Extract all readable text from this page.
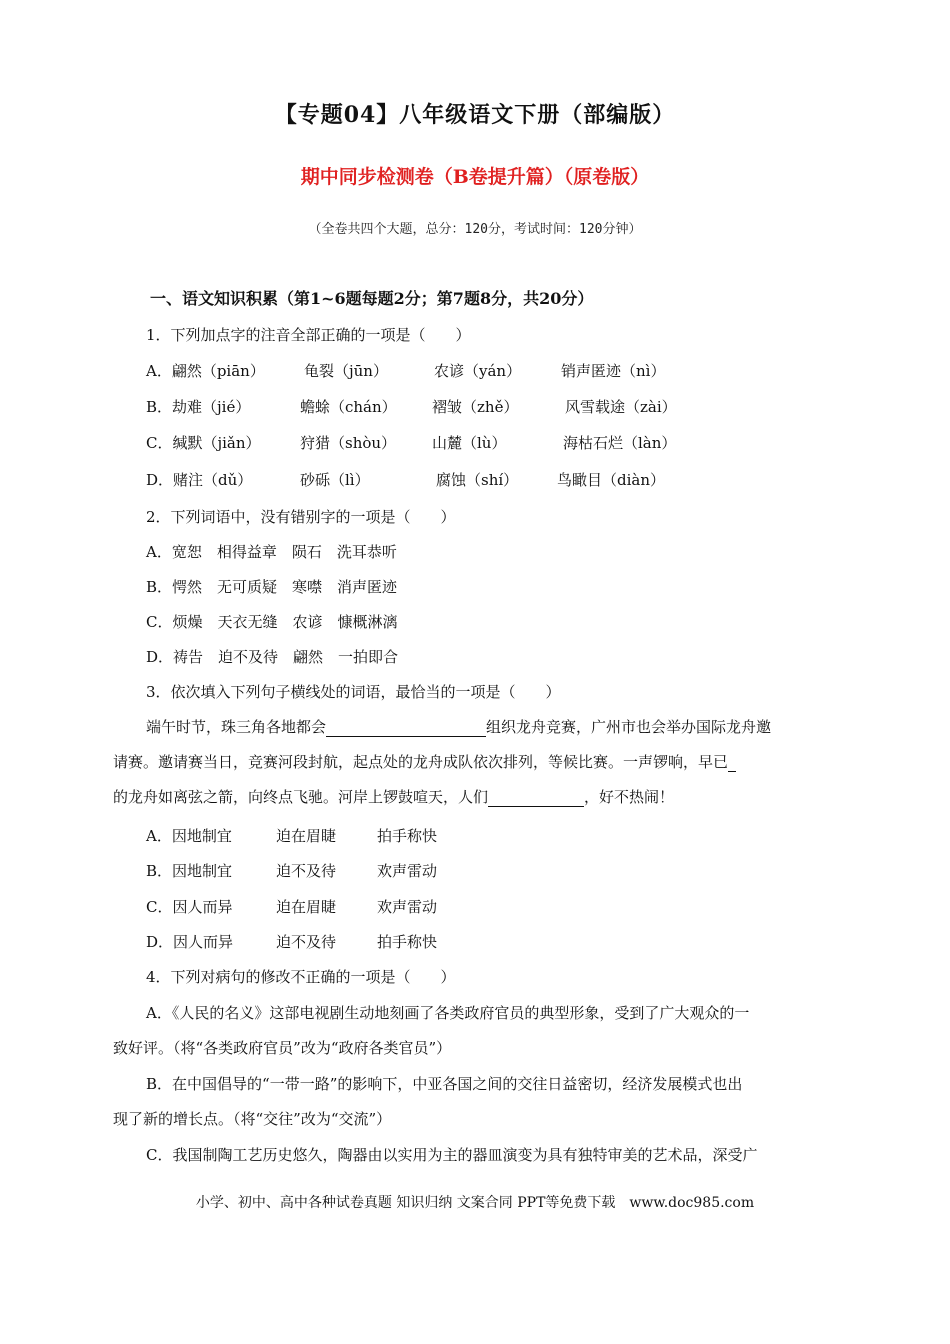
【专题04】八年级语文下册（部编版）
期中同步检测卷（B卷提升篇）（原卷版）
（全卷共四个大题，总分：120分，考试时间：120分钟）
一、语文知识积累（第1~6题每题2分；第7题8分，共20分）
1．下列加点字的注音全部正确的一项是（　　）
A．翩然（piān）	龟裂（jūn）	农谚（yán）	销声匿迹（nì）
B．劫难（jié）	蟾蜍（chán） 褶皱（zhě）	风雪载途（zài）
C．缄默（jiǎn）	狩猎（shòu） 山麓（lù）	海枯石烂（làn）
D．赌注（dǔ）	砂砾（lì）	腐蚀（shí）	鸟瞰目（diàn）
2．下列词语中，没有错别字的一项是（　　）
A．宽恕　相得益章　陨石　洗耳恭听
B．愕然　无可质疑　寒噤　消声匿迹
C．烦燥　天衣无缝　农谚　慷概淋漓
D．祷告　迫不及待　翩然　一拍即合
3．依次填入下列句子横线处的词语，最恰当的一项是（　　）
端午时节，珠三角各地都会	组织龙舟竞赛，广州市也会举办国际龙舟邀
请赛。邀请赛当日，竞赛河段封航，起点处的龙舟成队依次排列，等候比赛。一声锣响，早已
的龙舟如离弦之箭，向终点飞驰。河岸上锣鼓喧天，人们	，好不热闹！
A．因地制宜	迫在眉睫	拍手称快
B．因地制宜	迫不及待	欢声雷动
C．因人而异	迫在眉睫	欢声雷动
D．因人而异	迫不及待	拍手称快
4．下列对病句的修改不正确的一项是（　　）
A．《人民的名义》这部电视剧生动地刻画了各类政府官员的典型形象，受到了广大观众的一
致好评。（将“各类政府官员”改为“政府各类官员”）
B．在中国倡导的“一带一路”的影响下，中亚各国之间的交往日益密切，经济发展模式也出
现了新的增长点。（将“交往”改为“交流”）
C．我国制陶工艺历史悠久，陶器由以实用为主的器皿演变为具有独特审美的艺术品，深受广
小学、初中、高中各种试卷真题 知识归纳 文案合同 PPT等免费下载　www.doc985.com
